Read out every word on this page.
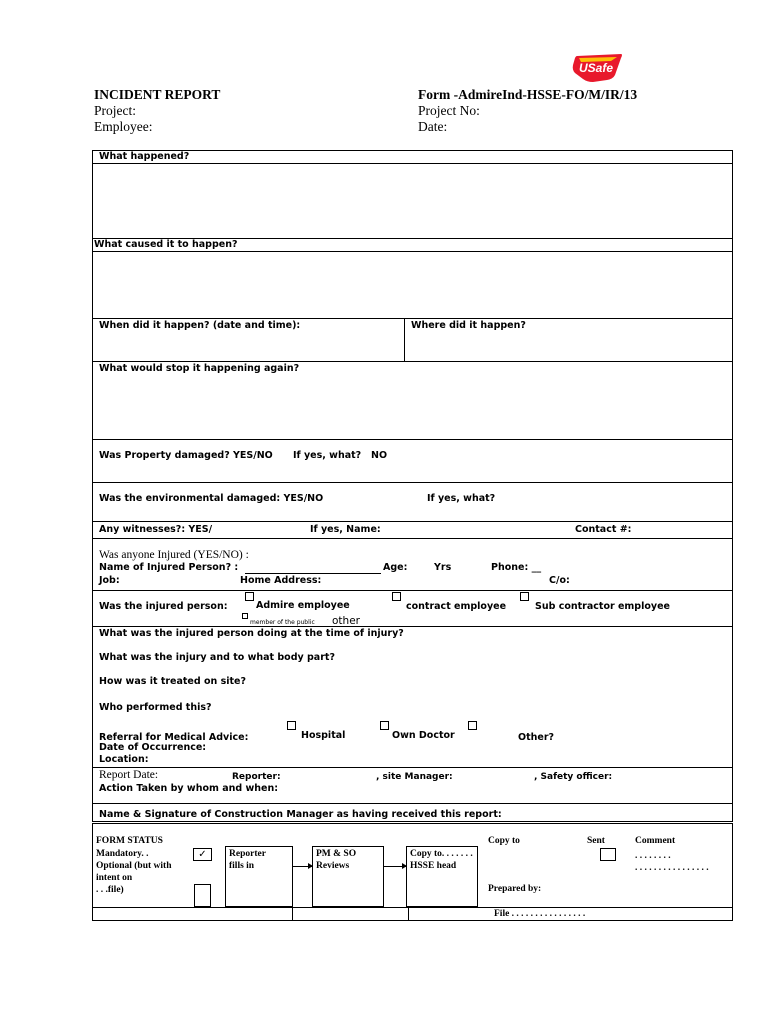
USafe
INCIDENT REPORT
Project:
Employee:
Form -AdmireInd-HSSE-FO/M/IR/13
Project No:
Date:
What happened?
What caused it to happen?
When did it happen? (date and time):	Where did it happen?
What would stop it happening again?
Was Property damaged? YES/NO If yes, what? NO
Was the environmental damaged: YES/NO	If yes, what?
Any witnesses?: YES/	If yes, Name:	Contact #:
Was anyone Injured (YES/NO) :
Name of Injured Person? :	Age:	Yrs	Phone: __
Job:	Home Address:	C/o:
Was the injured person:	Admire employee	contract employee	Sub contractor employee
member of the public other
What was the injured person doing at the time of injury?
What was the injury and to what body part?
How was it treated on site?
Who performed this?
Referral for Medical Advice:	Hospital	Own Doctor	Other?
Date of Occurrence:
Location:
Report Date:	Reporter:	, site Manager:	, Safety officer:
Action Taken by whom and when:
Name & Signature of Construction Manager as having received this report:
FORM STATUS
Mandatory. .
Optional (but with
intent on
. . .file)
✓	Reporter
fills in
PM & SO
Reviews
Copy to. . . . . . .
HSSE head
Copy to	Sent	Comment
. . . . . . . .
. . . . . . . . . . . . . . . .
Prepared by:
File . . . . . . . . . . . . . . . .
